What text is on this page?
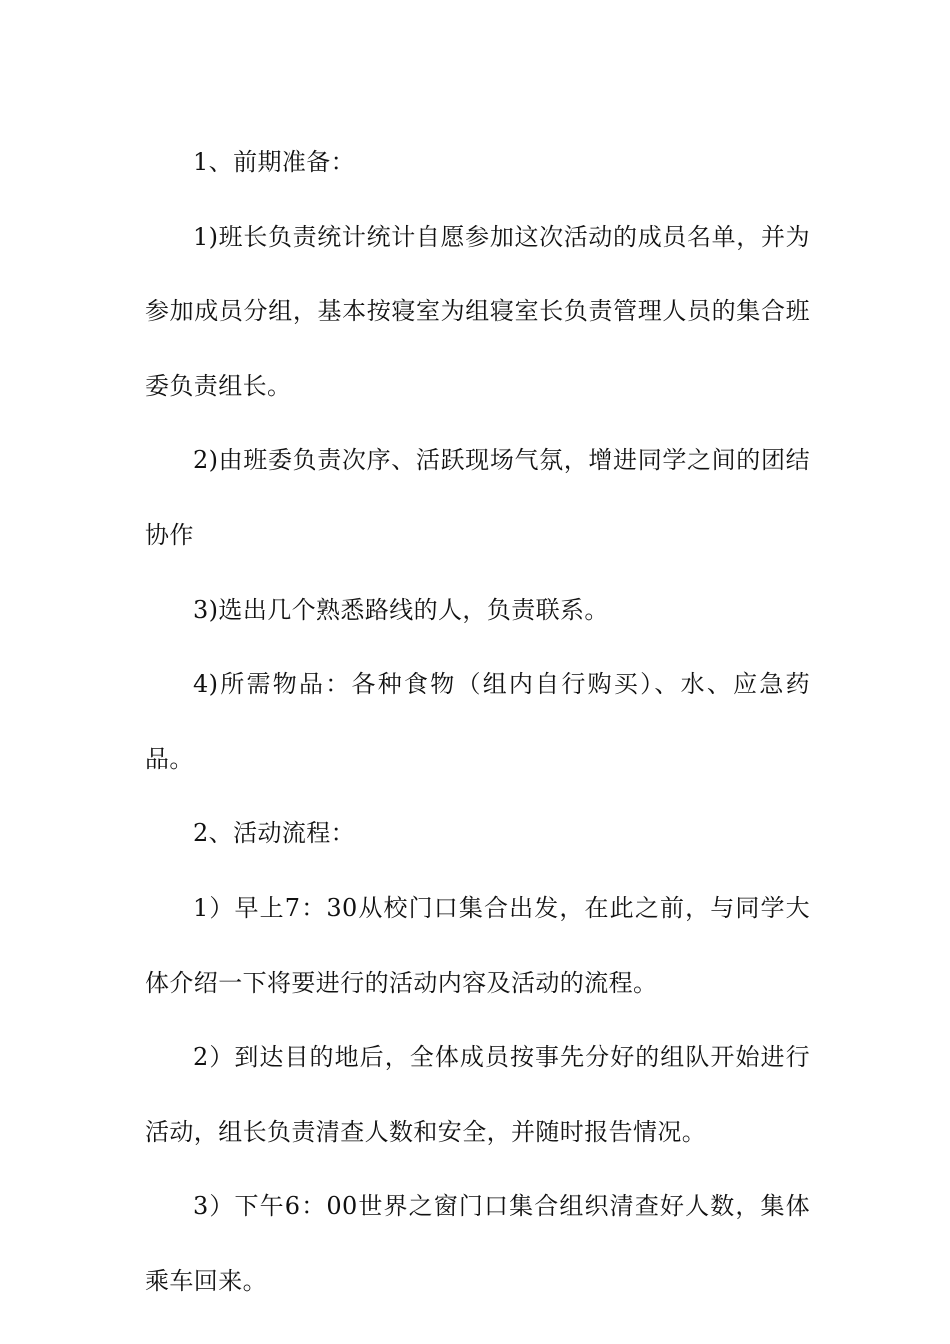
1、前期准备：

1)班长负责统计统计自愿参加这次活动的成员名单，并为参加成员分组，基本按寝室为组寝室长负责管理人员的集合班委负责组长。

2)由班委负责次序、活跃现场气氛，增进同学之间的团结协作

3)选出几个熟悉路线的人，负责联系。

4)所需物品：各种食物（组内自行购买）、水、应急药品。

2、活动流程：

1）早上7：30从校门口集合出发，在此之前，与同学大体介绍一下将要进行的活动内容及活动的流程。

2）到达目的地后，全体成员按事先分好的组队开始进行活动，组长负责清查人数和安全，并随时报告情况。

3）下午6：00世界之窗门口集合组织清查好人数，集体乘车回来。
